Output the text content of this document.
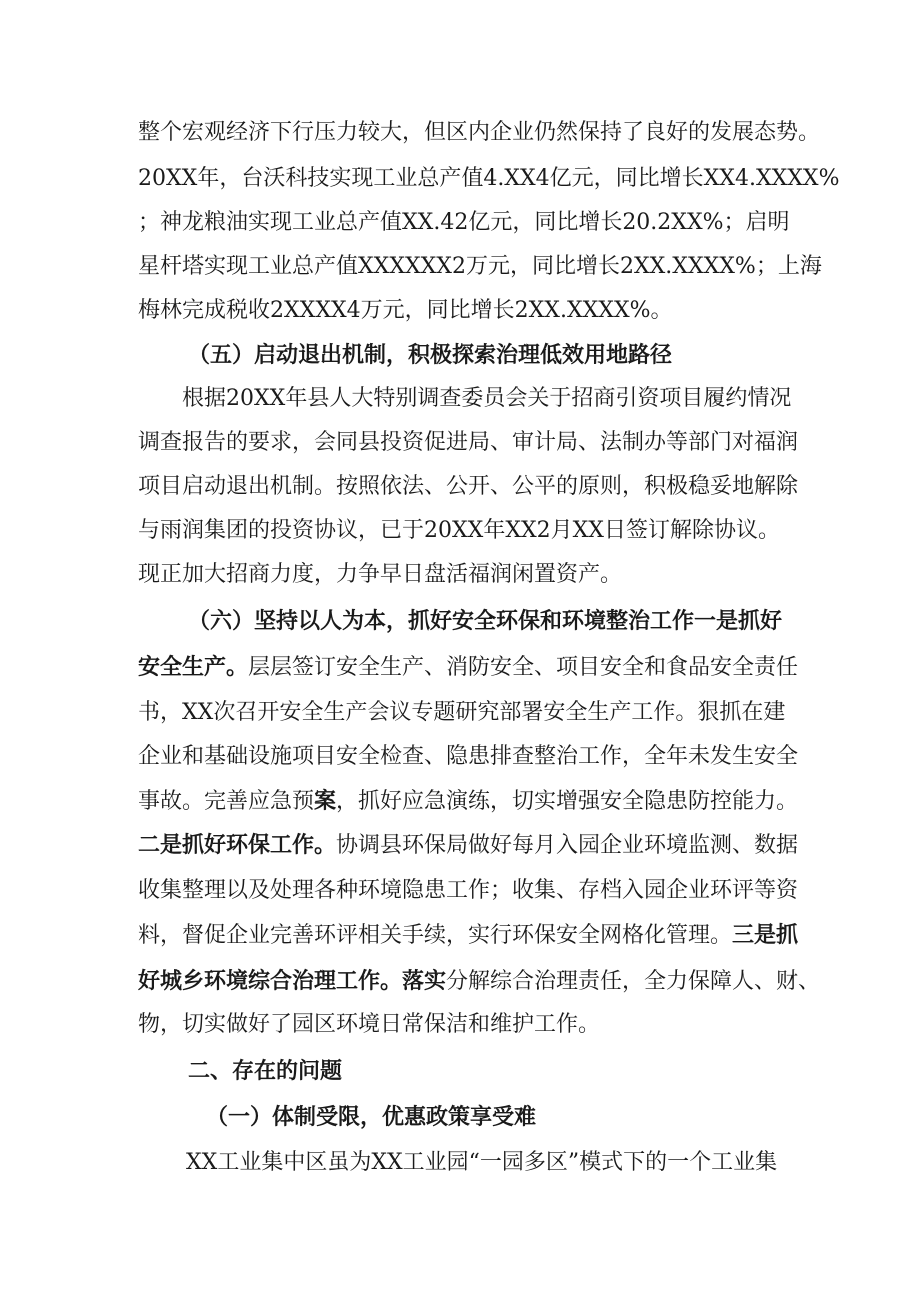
整个宏观经济下行压力较大，但区内企业仍然保持了良好的发展态势。
20XX年，台沃科技实现工业总产值4.XX4亿元，同比增长XX4.XXXX%
；神龙粮油实现工业总产值XX.42亿元，同比增长20.2XX%；启明
星杆塔实现工业总产值XXXXXX2万元，同比增长2XX.XXXX%；上海
梅林完成税收2XXXX4万元，同比增长2XX.XXXX%。
（五）启动退出机制，积极探索治理低效用地路径
根据20XX年县人大特别调查委员会关于招商引资项目履约情况
调查报告的要求，会同县投资促进局、审计局、法制办等部门对福润
项目启动退出机制。按照依法、公开、公平的原则，积极稳妥地解除
与雨润集团的投资协议，已于20XX年XX2月XX日签订解除协议。
现正加大招商力度，力争早日盘活福润闲置资产。
（六）坚持以人为本，抓好安全环保和环境整治工作一是抓好
安全生产。层层签订安全生产、消防安全、项目安全和食品安全责任
书，XX次召开安全生产会议专题研究部署安全生产工作。狠抓在建
企业和基础设施项目安全检查、隐患排查整治工作，全年未发生安全
事故。完善应急预案，抓好应急演练，切实增强安全隐患防控能力。
二是抓好环保工作。协调县环保局做好每月入园企业环境监测、数据
收集整理以及处理各种环境隐患工作；收集、存档入园企业环评等资
料，督促企业完善环评相关手续，实行环保安全网格化管理。三是抓
好城乡环境综合治理工作。落实分解综合治理责任，全力保障人、财、
物，切实做好了园区环境日常保洁和维护工作。
二、存在的问题
（一）体制受限，优惠政策享受难
XX工业集中区虽为XX工业园“一园多区”模式下的一个工业集
